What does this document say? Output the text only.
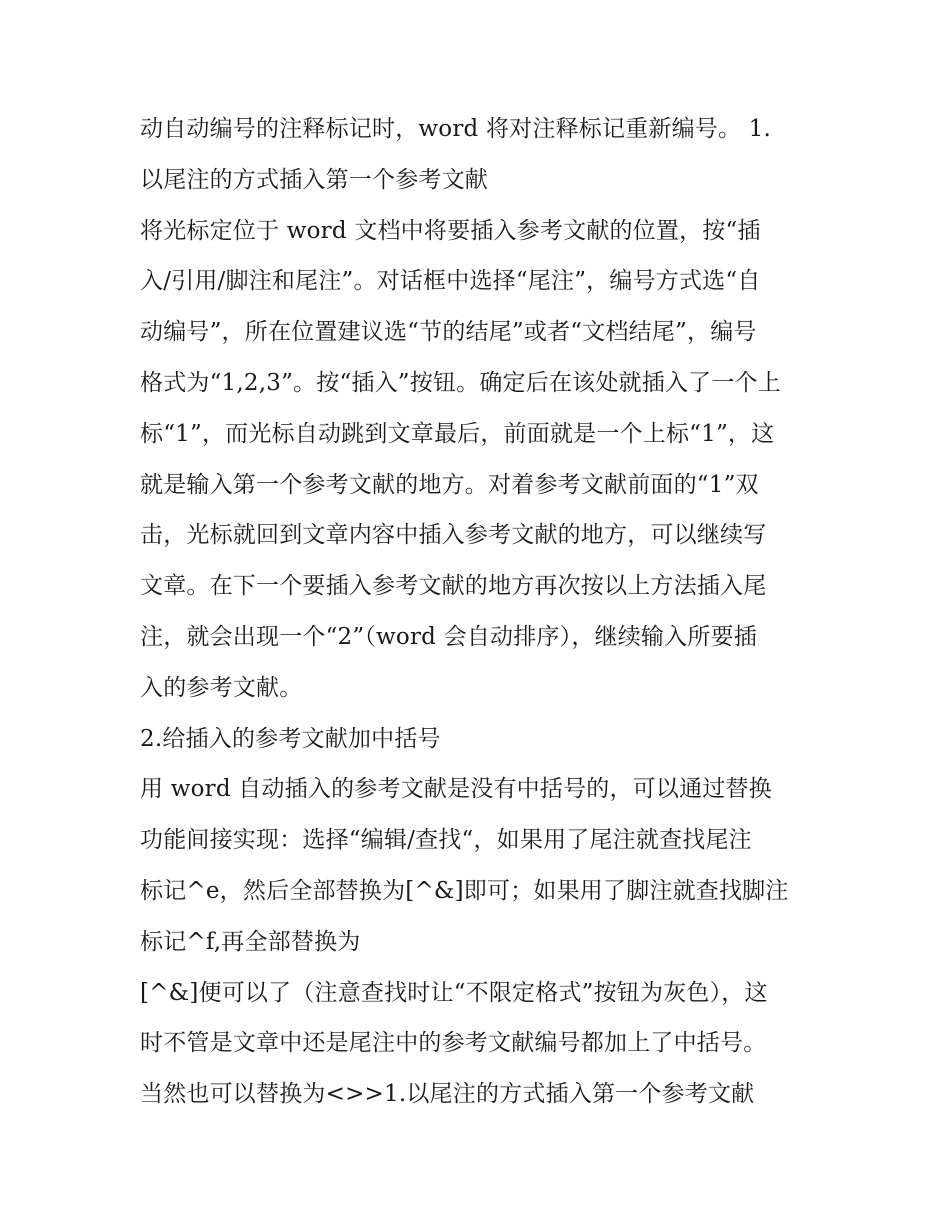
动自动编号的注释标记时，word 将对注释标记重新编号。 1.
以尾注的方式插入第一个参考文献
将光标定位于 word 文档中将要插入参考文献的位置，按“插
入/引用/脚注和尾注”。对话框中选择“尾注”，编号方式选“自
动编号”，所在位置建议选“节的结尾”或者“文档结尾”，编号
格式为“1,2,3”。按“插入”按钮。确定后在该处就插入了一个上
标“1”，而光标自动跳到文章最后，前面就是一个上标“1”，这
就是输入第一个参考文献的地方。对着参考文献前面的“1”双
击，光标就回到文章内容中插入参考文献的地方，可以继续写
文章。在下一个要插入参考文献的地方再次按以上方法插入尾
注，就会出现一个“2”（word 会自动排序），继续输入所要插
入的参考文献。
2.给插入的参考文献加中括号
用 word 自动插入的参考文献是没有中括号的，可以通过替换
功能间接实现：选择“编辑/查找“，如果用了尾注就查找尾注
标记^e，然后全部替换为[^&]即可；如果用了脚注就查找脚注
标记^f,再全部替换为
[^&]便可以了（注意查找时让“不限定格式”按钮为灰色），这
时不管是文章中还是尾注中的参考文献编号都加上了中括号。
当然也可以替换为<>>1.以尾注的方式插入第一个参考文献
